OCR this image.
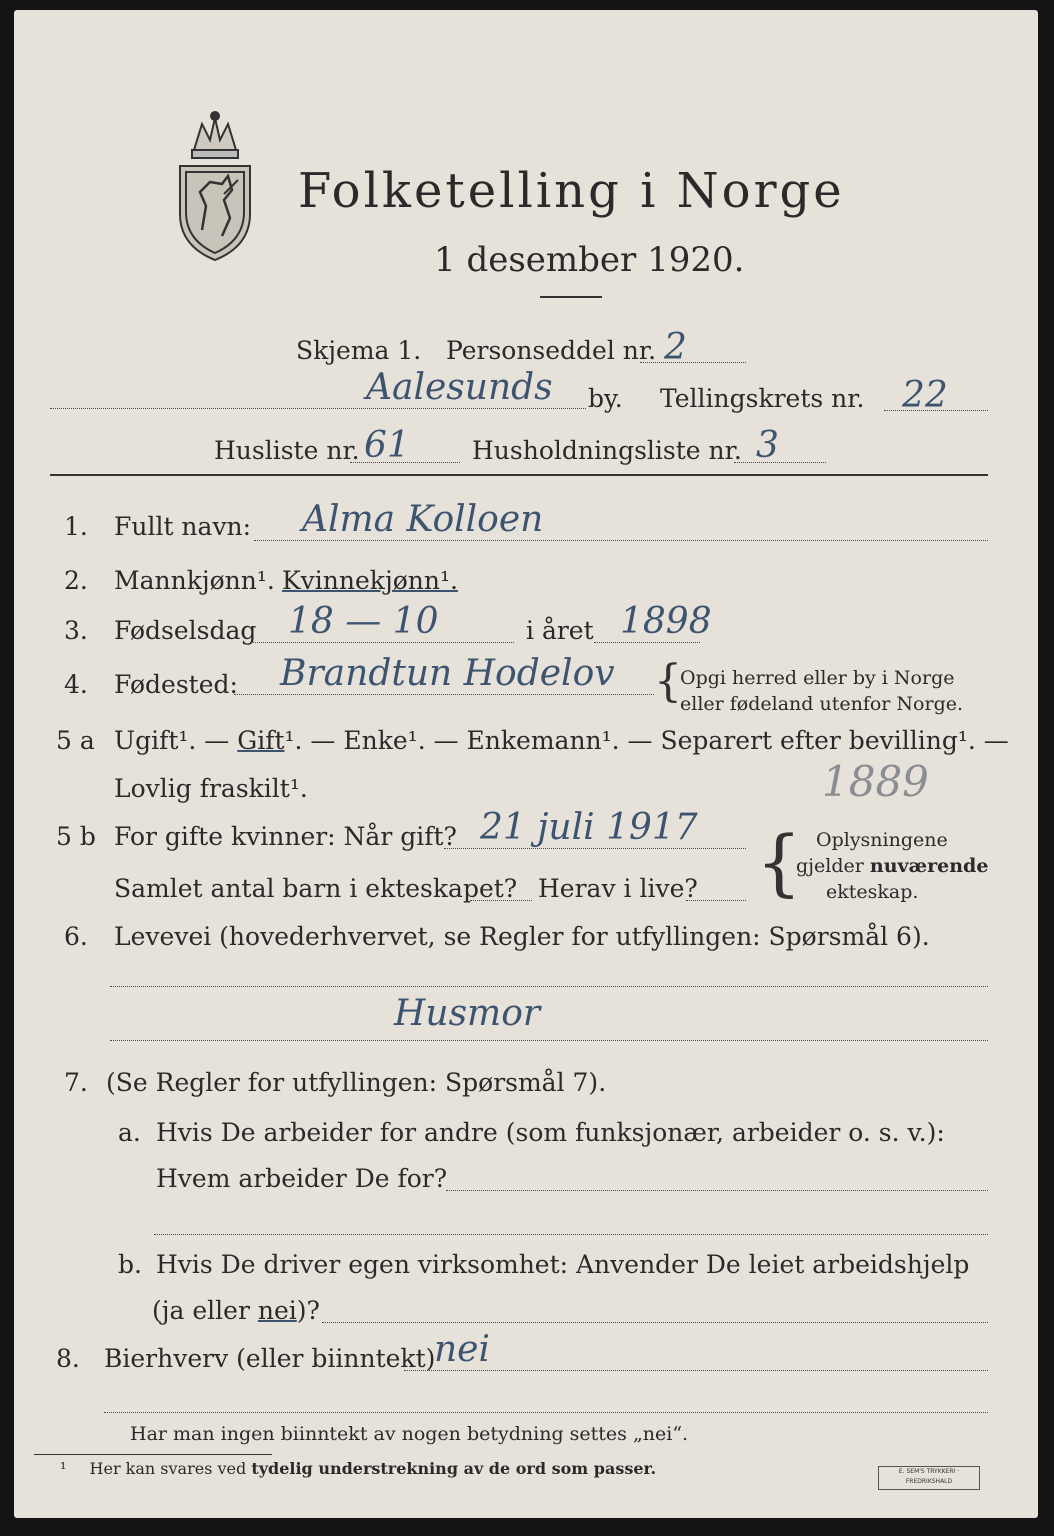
Folketelling i Norge
1 desember 1920.
Skjema 1. Personseddel nr. 2
Aalesunds by. Tellingskrets nr. 22
Husliste nr. 61 Husholdningsliste nr. 3
1. Fullt navn: Alma Kolloen
2. Mannkjønn¹. Kvinnekjønn¹.
3. Fødselsdag 18 — 10	i året 1898
4. Fødested: Brandtun Hodelov {
Opgi herred eller by i Norge
eller fødeland utenfor Norge.
5 a Ugift¹. — Gift¹. — Enke¹. — Enkemann¹. — Separert efter bevilling¹. —
Lovlig fraskilt¹.	1889
5 b For gifte kvinner: Når gift? 21 juli 1917
Samlet antal barn i ekteskapet? Herav i live? { Oplysningene
gjelder nuværende
ekteskap.
6. Levevei (hovederhvervet, se Regler for utfyllingen: Spørsmål 6).
Husmor
7. (Se Regler for utfyllingen: Spørsmål 7).
a. Hvis De arbeider for andre (som funksjonær, arbeider o. s. v.):
Hvem arbeider De for?
b. Hvis De driver egen virksomhet: Anvender De leiet arbeidshjelp
(ja eller nei)?
8. Bierhverv (eller biinntekt)
nei
Har man ingen biinntekt av nogen betydning settes „nei“.
¹ Her kan svares ved tydelig understrekning av de ord som passer.	E. SEM'S TRYKKERI · FREDRIKSHALD
